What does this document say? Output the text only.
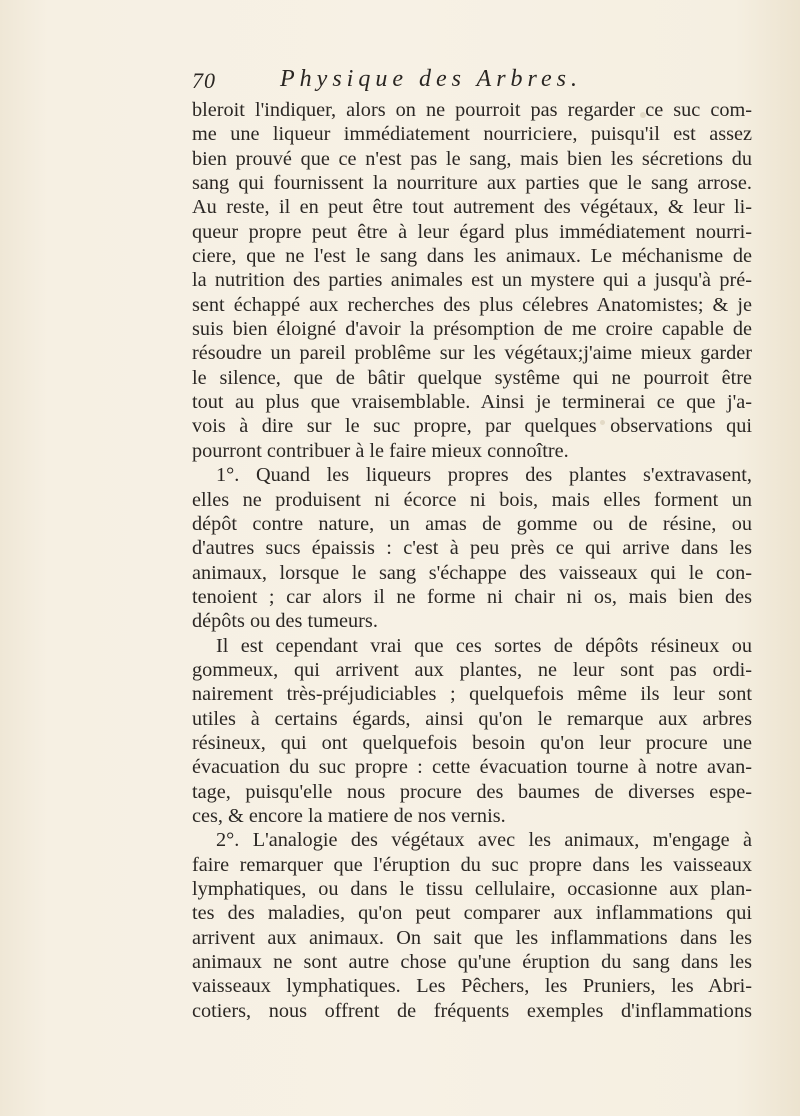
70	Physique des Arbres.
bleroit l'indiquer, alors on ne pourroit pas regarder ce suc com-
me une liqueur immédiatement nourriciere, puisqu'il est assez
bien prouvé que ce n'est pas le sang, mais bien les sécretions du
sang qui fournissent la nourriture aux parties que le sang arrose.
Au reste, il en peut être tout autrement des végétaux, & leur li-
queur propre peut être à leur égard plus immédiatement nourri-
ciere, que ne l'est le sang dans les animaux. Le méchanisme de
la nutrition des parties animales est un mystere qui a jusqu'à pré-
sent échappé aux recherches des plus célebres Anatomistes; & je
suis bien éloigné d'avoir la présomption de me croire capable de
résoudre un pareil problême sur les végétaux;j'aime mieux garder
le silence, que de bâtir quelque systême qui ne pourroit être
tout au plus que vraisemblable. Ainsi je terminerai ce que j'a-
vois à dire sur le suc propre, par quelques observations qui
pourront contribuer à le faire mieux connoître.
1°. Quand les liqueurs propres des plantes s'extravasent,
elles ne produisent ni écorce ni bois, mais elles forment un
dépôt contre nature, un amas de gomme ou de résine, ou
d'autres sucs épaissis : c'est à peu près ce qui arrive dans les
animaux, lorsque le sang s'échappe des vaisseaux qui le con-
tenoient ; car alors il ne forme ni chair ni os, mais bien des
dépôts ou des tumeurs.
Il est cependant vrai que ces sortes de dépôts résineux ou
gommeux, qui arrivent aux plantes, ne leur sont pas ordi-
nairement très-préjudiciables ; quelquefois même ils leur sont
utiles à certains égards, ainsi qu'on le remarque aux arbres
résineux, qui ont quelquefois besoin qu'on leur procure une
évacuation du suc propre : cette évacuation tourne à notre avan-
tage, puisqu'elle nous procure des baumes de diverses espe-
ces, & encore la matiere de nos vernis.
2°. L'analogie des végétaux avec les animaux, m'engage à
faire remarquer que l'éruption du suc propre dans les vaisseaux
lymphatiques, ou dans le tissu cellulaire, occasionne aux plan-
tes des maladies, qu'on peut comparer aux inflammations qui
arrivent aux animaux. On sait que les inflammations dans les
animaux ne sont autre chose qu'une éruption du sang dans les
vaisseaux lymphatiques. Les Pêchers, les Pruniers, les Abri-
cotiers, nous offrent de fréquents exemples d'inflammations
